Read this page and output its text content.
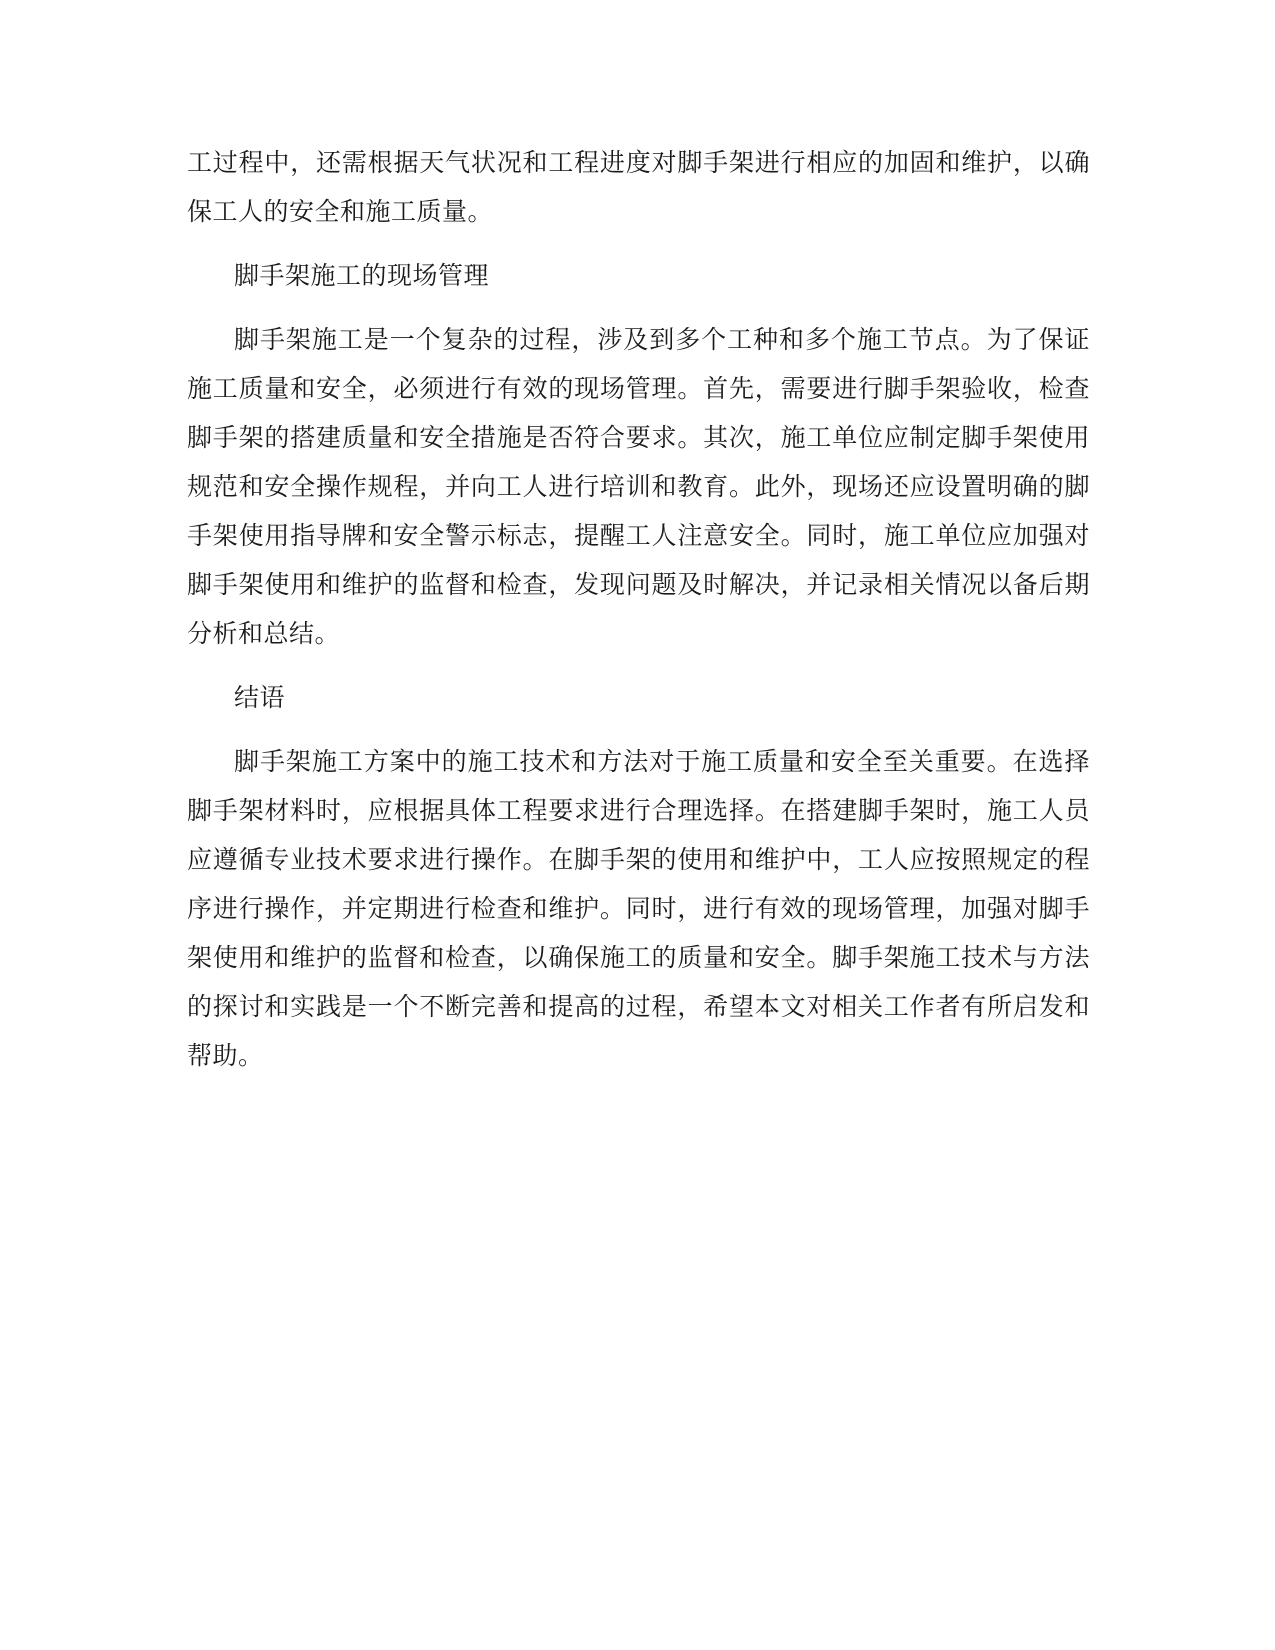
工过程中，还需根据天气状况和工程进度对脚手架进行相应的加固和维护，以确保工人的安全和施工质量。

脚手架施工的现场管理

脚手架施工是一个复杂的过程，涉及到多个工种和多个施工节点。为了保证施工质量和安全，必须进行有效的现场管理。首先，需要进行脚手架验收，检查脚手架的搭建质量和安全措施是否符合要求。其次，施工单位应制定脚手架使用规范和安全操作规程，并向工人进行培训和教育。此外，现场还应设置明确的脚手架使用指导牌和安全警示标志，提醒工人注意安全。同时，施工单位应加强对脚手架使用和维护的监督和检查，发现问题及时解决，并记录相关情况以备后期分析和总结。

结语

脚手架施工方案中的施工技术和方法对于施工质量和安全至关重要。在选择脚手架材料时，应根据具体工程要求进行合理选择。在搭建脚手架时，施工人员应遵循专业技术要求进行操作。在脚手架的使用和维护中，工人应按照规定的程序进行操作，并定期进行检查和维护。同时，进行有效的现场管理，加强对脚手架使用和维护的监督和检查，以确保施工的质量和安全。脚手架施工技术与方法的探讨和实践是一个不断完善和提高的过程，希望本文对相关工作者有所启发和帮助。
